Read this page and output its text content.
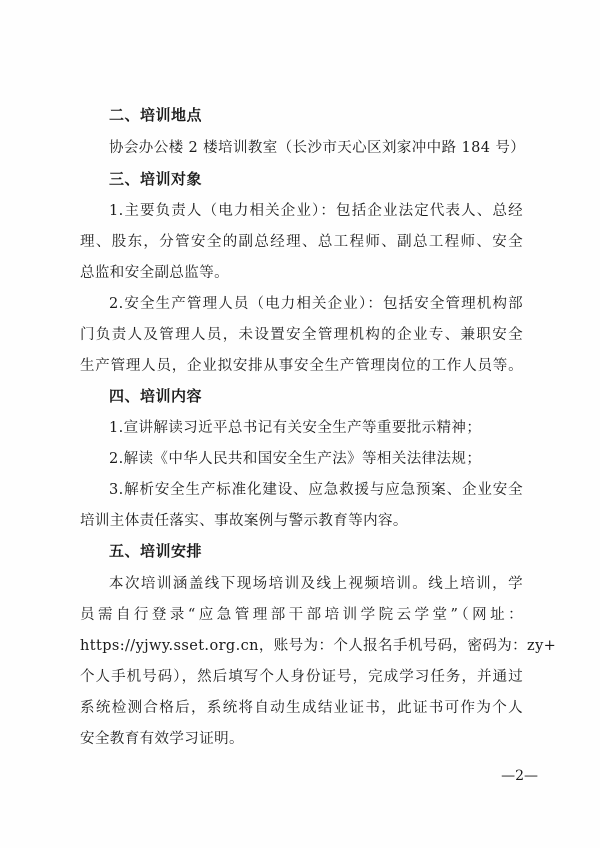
二、培训地点
协会办公楼 2 楼培训教室（长沙市天心区刘家冲中路 184 号）
三、培训对象
1.主要负责人（电力相关企业）：包括企业法定代表人、总经
理、股东，分管安全的副总经理、总工程师、副总工程师、安全
总监和安全副总监等。
2.安全生产管理人员（电力相关企业）：包括安全管理机构部
门负责人及管理人员，未设置安全管理机构的企业专、兼职安全
生产管理人员，企业拟安排从事安全生产管理岗位的工作人员等。
四、培训内容
1.宣讲解读习近平总书记有关安全生产等重要批示精神；
2.解读《中华人民共和国安全生产法》等相关法律法规；
3.解析安全生产标准化建设、应急救援与应急预案、企业安全
培训主体责任落实、事故案例与警示教育等内容。
五、培训安排
本次培训涵盖线下现场培训及线上视频培训。线上培训，学
员需自行登录“应急管理部干部培训学院云学堂”（网址：
https://yjwy.sset.org.cn，账号为：个人报名手机号码，密码为：zy+
个人手机号码），然后填写个人身份证号，完成学习任务，并通过
系统检测合格后，系统将自动生成结业证书，此证书可作为个人
安全教育有效学习证明。
—2—
